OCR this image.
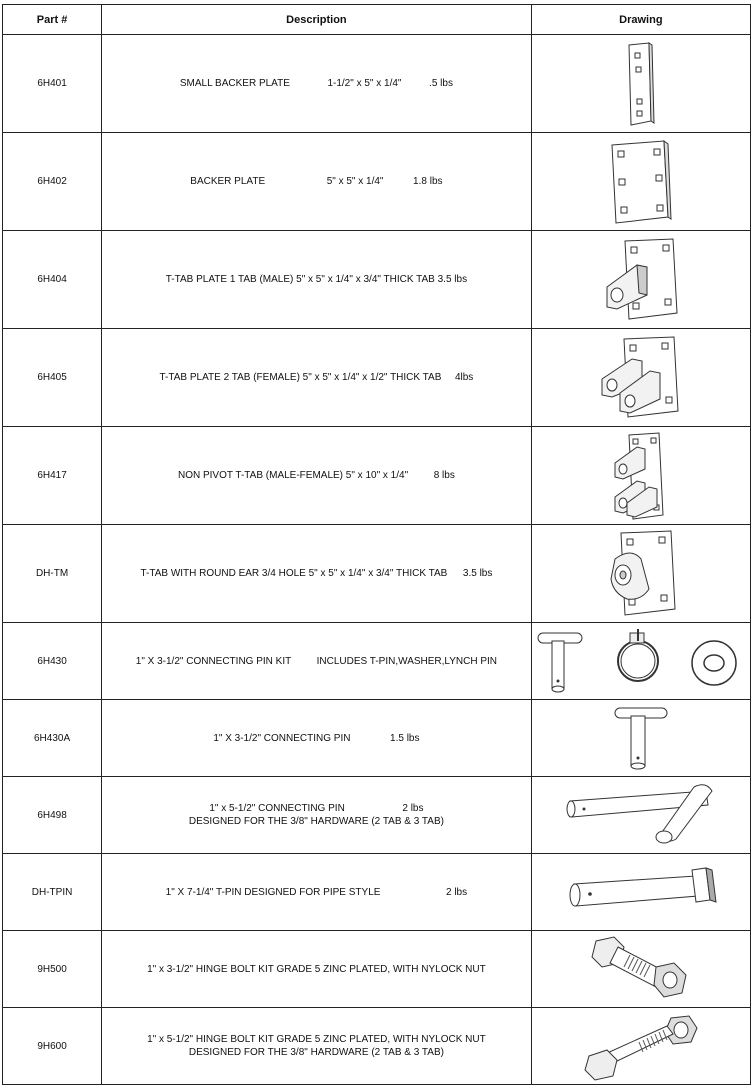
Part #	Description	Drawing
6H401	SMALL BACKER PLATE 1-1/2" x 5" x 1/4" .5 lbs	

6H402	BACKER PLATE 5" x 5" x 1/4" 1.8 lbs	

6H404	T-TAB PLATE 1 TAB (MALE) 5" x 5" x 1/4" x 3/4" THICK TAB 3.5 lbs	

6H405	T-TAB PLATE 2 TAB (FEMALE) 5" x 5" x 1/4" x 1/2" THICK TAB 4lbs	

6H417	NON PIVOT T-TAB (MALE-FEMALE) 5" x 10" x 1/4" 8 lbs	

DH-TM	T-TAB WITH ROUND EAR 3/4 HOLE 5" x 5" x 1/4" x 3/4" THICK TAB 3.5 lbs	

6H430	1" X 3-1/2" CONNECTING PIN KIT INCLUDES T-PIN,WASHER,LYNCH PIN	

6H430A	1" X 3-1/2" CONNECTING PIN 1.5 lbs	

6H498	1" x 5-1/2" CONNECTING PIN 2 lbs
DESIGNED FOR THE 3/8" HARDWARE (2 TAB & 3 TAB)

DH-TPIN	1" X 7-1/4" T-PIN DESIGNED FOR PIPE STYLE 2 lbs	

9H500	1" x 3-1/2" HINGE BOLT KIT GRADE 5 ZINC PLATED, WITH NYLOCK NUT	

9H600	1" x 5-1/2" HINGE BOLT KIT GRADE 5 ZINC PLATED, WITH NYLOCK NUT
DESIGNED FOR THE 3/8" HARDWARE (2 TAB & 3 TAB)
